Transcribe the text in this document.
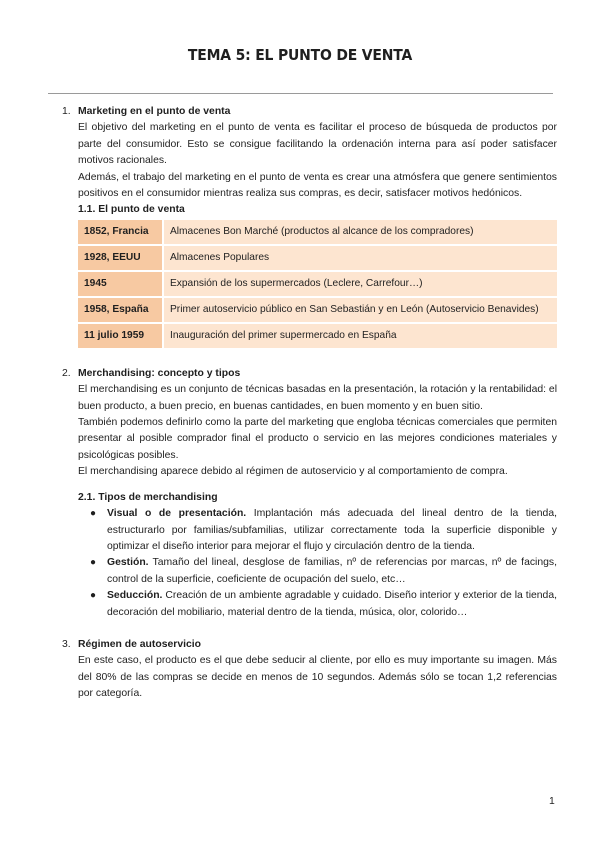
TEMA 5: EL PUNTO DE VENTA
1. Marketing en el punto de venta

El objetivo del marketing en el punto de venta es facilitar el proceso de búsqueda de productos por parte del consumidor. Esto se consigue facilitando la ordenación interna para así poder satisfacer motivos racionales.

Además, el trabajo del marketing en el punto de venta es crear una atmósfera que genere sentimientos positivos en el consumidor mientras realiza sus compras, es decir, satisfacer motivos hedónicos.

1.1. El punto de venta
1852, Francia	Almacenes Bon Marché (productos al alcance de los compradores)
1928, EEUU	Almacenes Populares
1945	Expansión de los supermercados (Leclere, Carrefour…)
1958, España	Primer autoservicio público en San Sebastián y en León (Autoservicio Benavides)
11 julio 1959	Inauguración del primer supermercado en España
2. Merchandising: concepto y tipos

El merchandising es un conjunto de técnicas basadas en la presentación, la rotación y la rentabilidad: el buen producto, a buen precio, en buenas cantidades, en buen momento y en buen sitio.

También podemos definirlo como la parte del marketing que engloba técnicas comerciales que permiten presentar al posible comprador final el producto o servicio en las mejores condiciones materiales y psicológicas posibles.

El merchandising aparece debido al régimen de autoservicio y al comportamiento de compra.

2.1. Tipos de merchandising
● Visual o de presentación. Implantación más adecuada del lineal dentro de la tienda, estructurarlo por familias/subfamilias, utilizar correctamente toda la superficie disponible y optimizar el diseño interior para mejorar el flujo y circulación dentro de la tienda.
● Gestión. Tamaño del lineal, desglose de familias, nº de referencias por marcas, nº de facings, control de la superficie, coeficiente de ocupación del suelo, etc…
● Seducción. Creación de un ambiente agradable y cuidado. Diseño interior y exterior de la tienda, decoración del mobiliario, material dentro de la tienda, música, olor, colorido…
3. Régimen de autoservicio

En este caso, el producto es el que debe seducir al cliente, por ello es muy importante su imagen. Más del 80% de las compras se decide en menos de 10 segundos. Además sólo se tocan 1,2 referencias por categoría.

1
